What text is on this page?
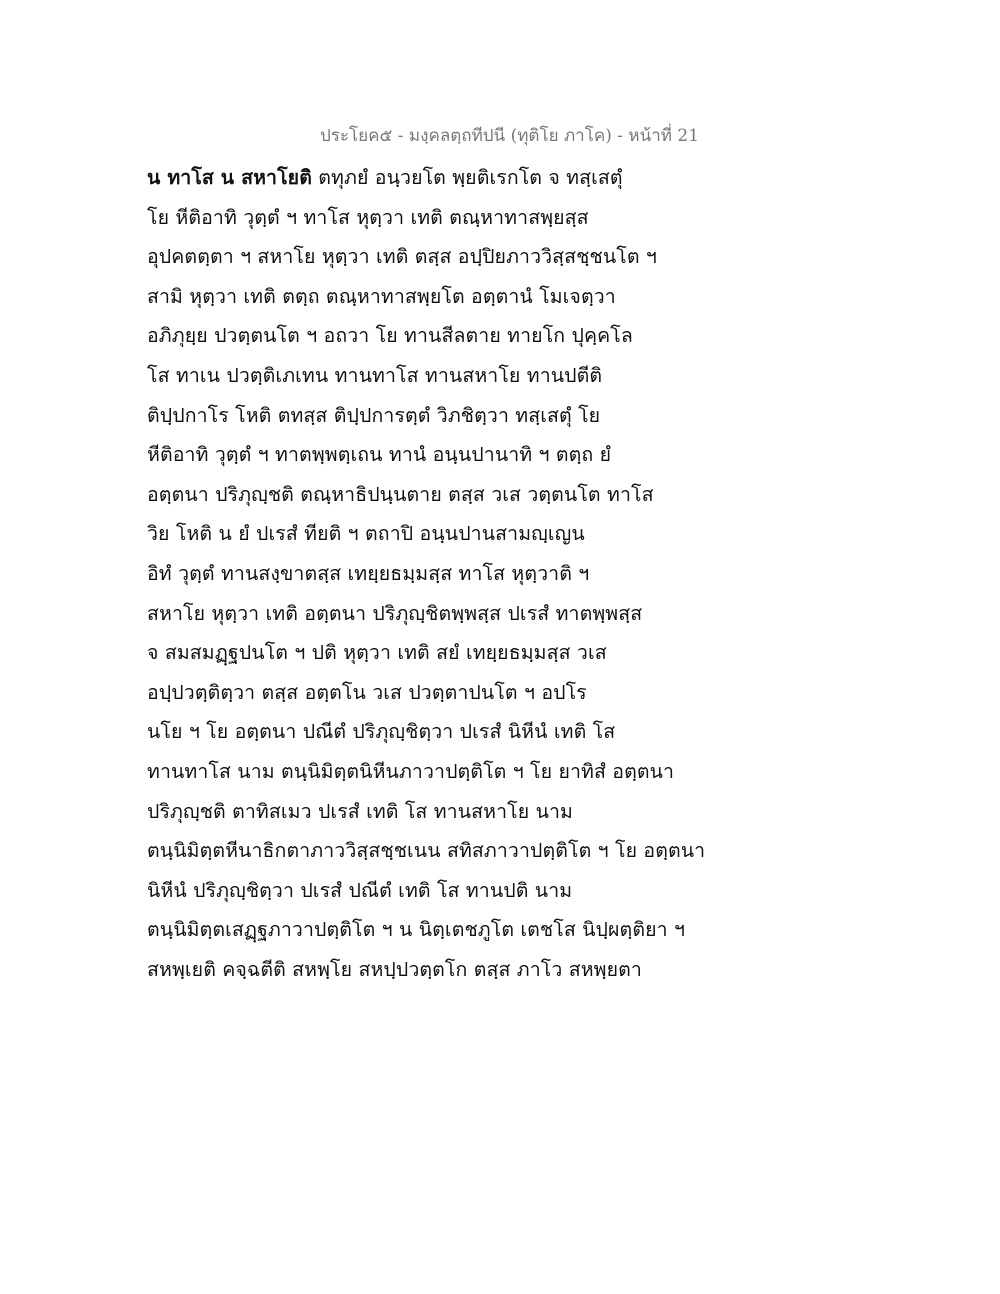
ประโยค๕ - มงฺคลตฺถทีปนี (ทุติโย ภาโค) - หน้าที่ 21
น ทาโส น สหาโยติ ตทุภยํ อนฺวยโต พฺยติเรกโต จ ทสฺเสตุํ
โย หีติอาทิ วุตฺตํ ฯ ทาโส หุตฺวา เทติ ตณฺหาทาสพฺยสฺส
อุปคตตฺตา ฯ สหาโย หุตฺวา เทติ ตสฺส อปฺปิยภาววิสฺสชฺชนโต ฯ
สามิ หุตฺวา เทติ ตตฺถ ตณฺหาทาสพฺยโต อตฺตานํ โมเจตฺวา
อภิภุยฺย ปวตฺตนโต ฯ อถวา โย ทานสีลตาย ทายโก ปุคฺคโล
โส ทาเน ปวตฺติเภเทน ทานทาโส ทานสหาโย ทานปตีติ
ติปฺปกาโร โหติ ตทสฺส ติปฺปการตฺตํ วิภชิตฺวา ทสฺเสตุํ โย
หีติอาทิ วุตฺตํ ฯ ทาตพฺพตฺเถน ทานํ อนฺนปานาทิ ฯ ตตฺถ ยํ
อตฺตนา ปริภุญฺชติ ตณฺหาธิปนฺนตาย ตสฺส วเส วตฺตนโต ทาโส
วิย โหติ น ยํ ปเรสํ ทียติ ฯ ตถาปิ อนฺนปานสามญฺเญน
อิทํ วุตฺตํ ทานสงฺขาตสฺส เทยฺยธมฺมสฺส ทาโส หุตฺวาติ ฯ
สหาโย หุตฺวา เทติ อตฺตนา ปริภุญฺชิตพฺพสฺส ปเรสํ ทาตพฺพสฺส
จ สมสมฏฺฐปนโต ฯ ปติ หุตฺวา เทติ สยํ เทยฺยธมฺมสฺส วเส
อปฺปวตฺติตฺวา ตสฺส อตฺตโน วเส ปวตฺตาปนโต ฯ อปโร
นโย ฯ โย อตฺตนา ปณีตํ ปริภุญฺชิตฺวา ปเรสํ นิหีนํ เทติ โส
ทานทาโส นาม ตนฺนิมิตฺตนิหีนภาวาปตฺติโต ฯ โย ยาทิสํ อตฺตนา
ปริภุญฺชติ ตาทิสเมว ปเรสํ เทติ โส ทานสหาโย นาม
ตนฺนิมิตฺตหีนาธิกตาภาววิสฺสชฺชเนน สทิสภาวาปตฺติโต ฯ โย อตฺตนา
นิหีนํ ปริภุญฺชิตฺวา ปเรสํ ปณีตํ เทติ โส ทานปติ นาม
ตนฺนิมิตฺตเสฏฺฐภาวาปตฺติโต ฯ น นิตฺเตชภูโต เตชโส นิปฺผตฺติยา ฯ
สหพฺเยติ คจฺฉตีติ สหพฺโย สหปฺปวตฺตโก ตสฺส ภาโว สหพฺยตา
